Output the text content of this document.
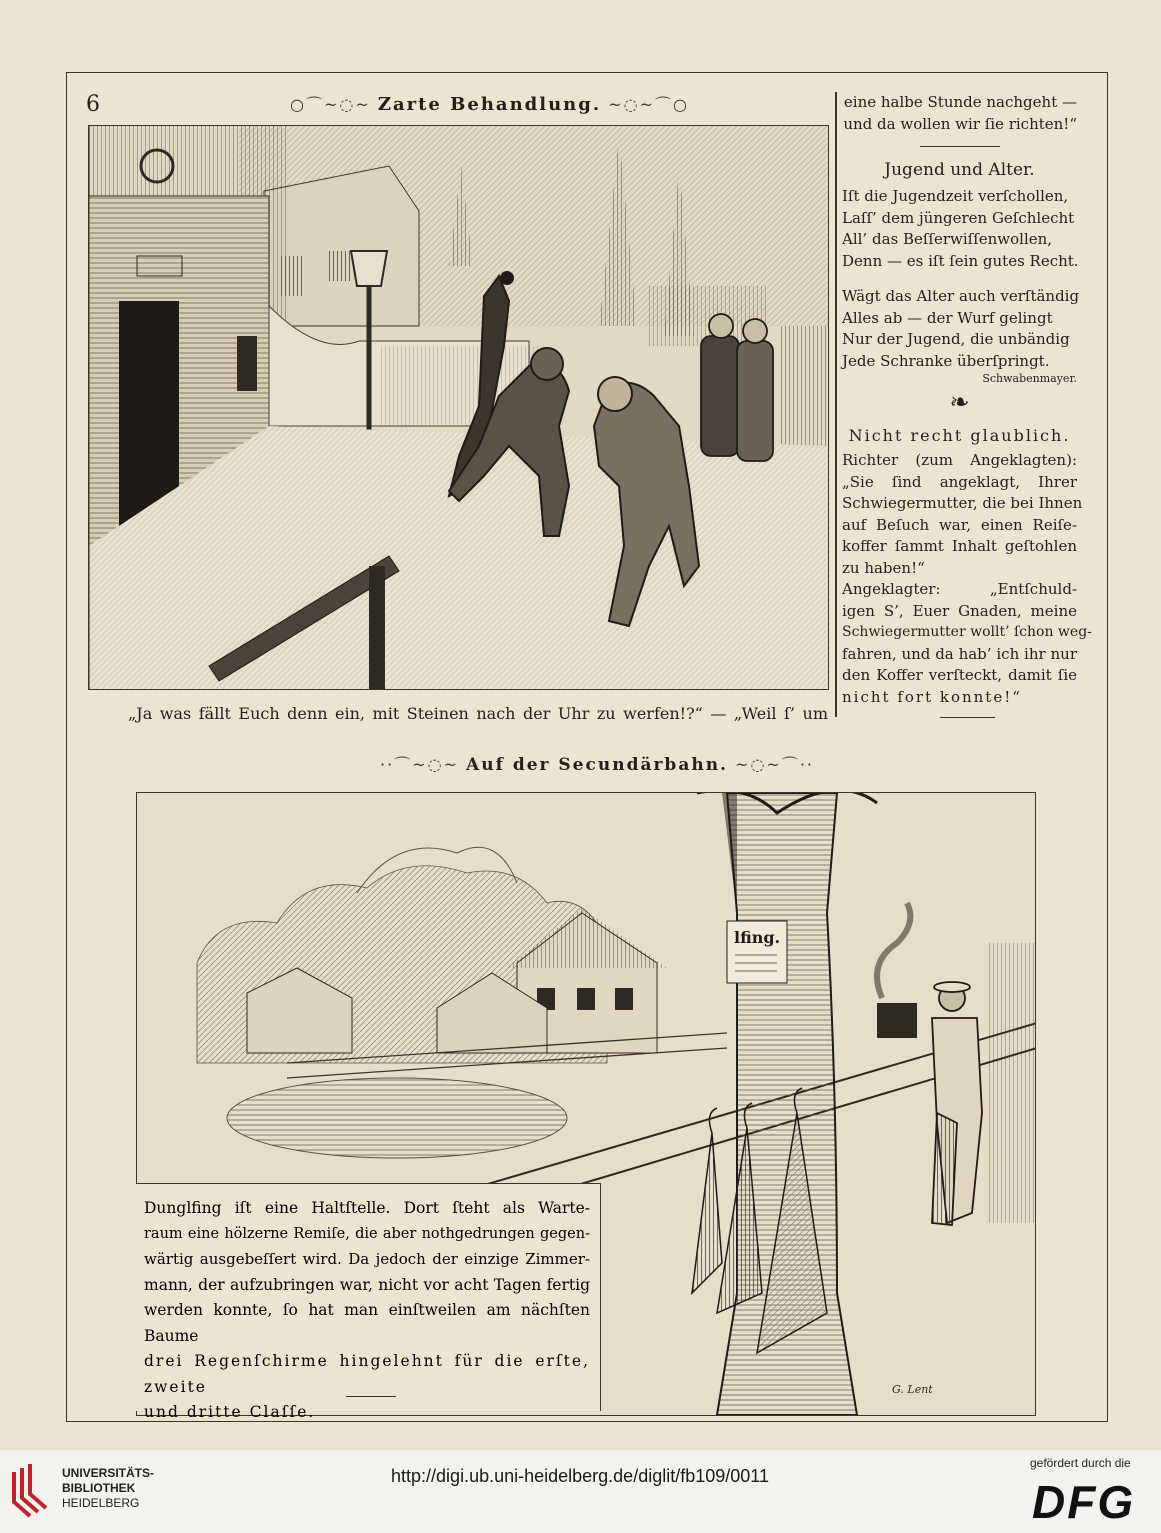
6	○⌒~◌~ Zarte Behandlung. ~◌~⌒○
„Ja was fällt Euch denn ein, mit Steinen nach der Uhr zu werfen!?“ — „Weil ſ’ um
eine halbe Stunde nachgeht —
und da wollen wir ſie richten!“
Jugend und Alter.
Iſt die Jugendzeit verſchollen,
Laſſ’ dem jüngeren Geſchlecht
All’ das Beſſerwiſſenwollen,
Denn — es iſt ſein gutes Recht.
Wägt das Alter auch verſtändig
Alles ab — der Wurf gelingt
Nur der Jugend, die unbändig
Jede Schranke überſpringt.
Schwabenmayer.
❧
Nicht recht glaublich.
Richter (zum Angeklagten):
„Sie ſind angeklagt, Ihrer
Schwiegermutter, die bei Ihnen
auf Beſuch war, einen Reiſe-
koffer ſammt Inhalt geſtohlen
zu haben!“
Angeklagter: „Entſchuld-
igen S’, Euer Gnaden, meine
Schwiegermutter wollt’ ſchon weg-
fahren, und da hab’ ich ihr nur
den Koffer verſteckt, damit ſie
nicht fort konnte!“
··⌒~◌~ Auf der Secundärbahn. ~◌~⌒··
lfing.
G. Lent
Dunglfing iſt eine Haltſtelle. Dort ſteht als Warte-
raum eine hölzerne Remiſe, die aber nothgedrungen gegen-
wärtig ausgebeſſert wird. Da jedoch der einzige Zimmer-
mann, der aufzubringen war, nicht vor acht Tagen fertig
werden konnte, ſo hat man einſtweilen am nächſten Baume
drei Regenſchirme hingelehnt für die erſte, zweite
und dritte Claſſe.
UNIVERSITÄTS-
BIBLIOTHEK
HEIDELBERG
http://digi.ub.uni-heidelberg.de/diglit/fb109/0011
gefördert durch die
DFG
